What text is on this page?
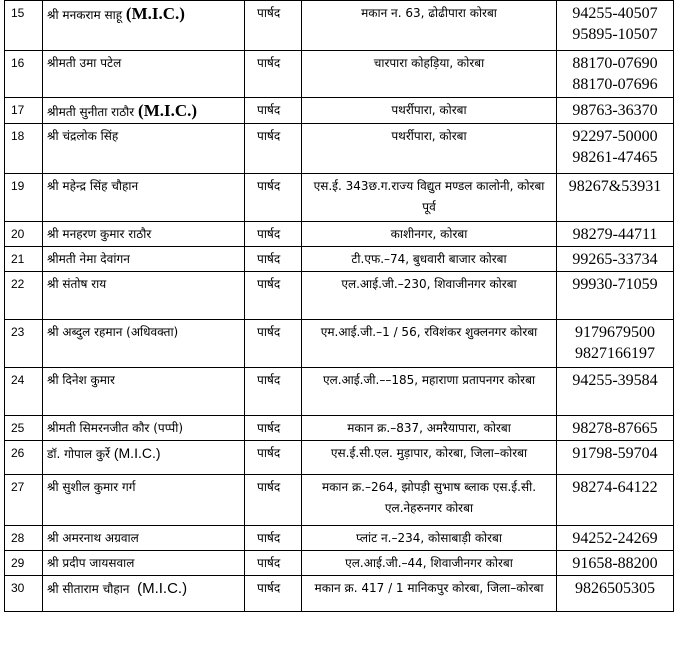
15	श्री मनकराम साहू (M.I.C.)	पार्षद	मकान न. 63, ढोढीपारा कोरबा	94255-40507
95895-10507

16	श्रीमती उमा पटेल	पार्षद	चारपारा कोहड़िया, कोरबा	88170-07690
88170-07696

17	श्रीमती सुनीता राठौर (M.I.C.)	पार्षद	पथर्रीपारा, कोरबा	98763-36370

18	श्री चंद्रलोक सिंह	पार्षद	पथर्रीपारा, कोरबा	92297-50000
98261-47465

19	श्री महेन्द्र सिंह चौहान	पार्षद	एस.ई. 343छ.ग.राज्य विद्युत मण्डल कालोनी, कोरबा पूर्व	98267&53931

20	श्री मनहरण कुमार राठौर	पार्षद	काशीनगर, कोरबा	98279-44711

21	श्रीमती नेमा देवांगन	पार्षद	टी.एफ.–74, बुधवारी बाजार कोरबा	99265-33734

22	श्री संतोष राय	पार्षद	एल.आई.जी.–230, शिवाजीनगर कोरबा	99930-71059

23	श्री अब्दुल रहमान (अधिवक्ता)	पार्षद	एम.आई.जी.–1 / 56, रविशंकर शुक्लनगर कोरबा	9179679500
9827166197

24	श्री दिनेश कुमार	पार्षद	एल.आई.जी.––185, महाराणा प्रतापनगर कोरबा	94255-39584

25	श्रीमती सिमरनजीत कौर (पप्पी)	पार्षद	मकान क्र.–837, अमरैयापारा, कोरबा	98278-87665

26	डॉ. गोपाल कुर्रे (M.I.C.)	पार्षद	एस.ई.सी.एल. मुड़ापार, कोरबा, जिला–कोरबा	91798-59704

27	श्री सुशील कुमार गर्ग	पार्षद	मकान क्र.–264, झोपड़ी सुभाष ब्लाक एस.ई.सी. एल.नेहरुनगर कोरबा	98274-64122

28	श्री अमरनाथ अग्रवाल	पार्षद	प्लांट न.–234, कोसाबाड़ी कोरबा	94252-24269

29	श्री प्रदीप जायसवाल	पार्षद	एल.आई.जी.–44, शिवाजीनगर कोरबा	91658-88200

30	श्री सीताराम चौहान (M.I.C.)	पार्षद	मकान क्र. 417 / 1 मानिकपुर कोरबा, जिला–कोरबा	9826505305
